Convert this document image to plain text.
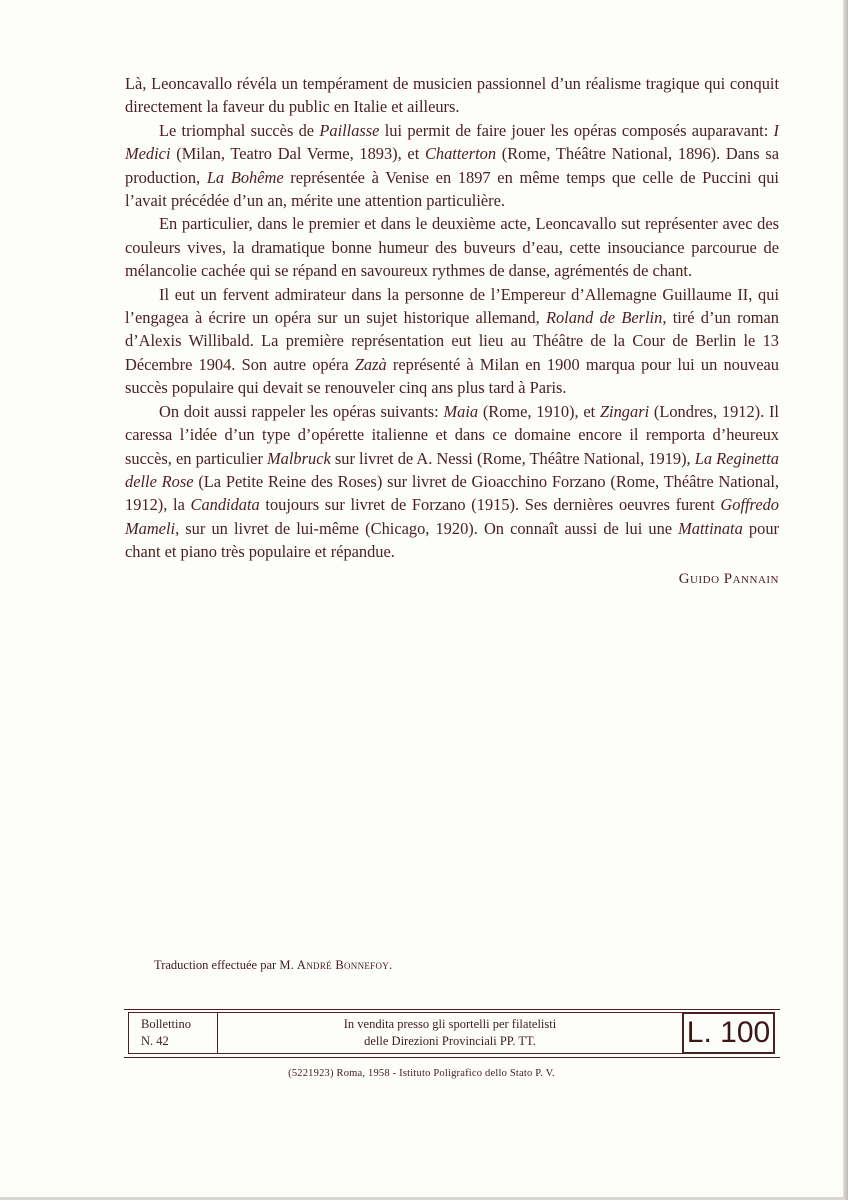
Là, Leoncavallo révéla un tempérament de musicien passionnel d’un réalisme tragique qui conquit directement la faveur du public en Italie et ailleurs.

Le triomphal succès de Paillasse lui permit de faire jouer les opéras composés auparavant: I Medici (Milan, Teatro Dal Verme, 1893), et Chatterton (Rome, Théâtre National, 1896). Dans sa production, La Bohême représentée à Venise en 1897 en même temps que celle de Puccini qui l’avait précédée d’un an, mérite une attention particulière.

En particulier, dans le premier et dans le deuxième acte, Leoncavallo sut représenter avec des couleurs vives, la dramatique bonne humeur des buveurs d’eau, cette insouciance parcourue de mélancolie cachée qui se répand en savoureux rythmes de danse, agrémentés de chant.

Il eut un fervent admirateur dans la personne de l’Empereur d’Allemagne Guillaume II, qui l’engagea à écrire un opéra sur un sujet historique allemand, Roland de Berlin, tiré d’un roman d’Alexis Willibald. La première représentation eut lieu au Théâtre de la Cour de Berlin le 13 Décembre 1904. Son autre opéra Zazà représenté à Milan en 1900 marqua pour lui un nouveau succès populaire qui devait se renouveler cinq ans plus tard à Paris.

On doit aussi rappeler les opéras suivants: Maia (Rome, 1910), et Zingari (Londres, 1912). Il caressa l’idée d’un type d’opérette italienne et dans ce domaine encore il remporta d’heureux succès, en particulier Malbruck sur livret de A. Nessi (Rome, Théâtre National, 1919), La Reginetta delle Rose (La Petite Reine des Roses) sur livret de Gioacchino Forzano (Rome, Théâtre National, 1912), la Candidata toujours sur livret de Forzano (1915). Ses dernières oeuvres furent Goffredo Mameli, sur un livret de lui-même (Chicago, 1920). On connaît aussi de lui une Mattinata pour chant et piano très populaire et répandue.

Guido Pannain
Traduction effectuée par M. André Bonnefoy.
Bollettino
N. 42
In vendita presso gli sportelli per filatelisti
delle Direzioni Provinciali PP. TT.	L. 100
(5221923) Roma, 1958 - Istituto Poligrafico dello Stato P. V.
